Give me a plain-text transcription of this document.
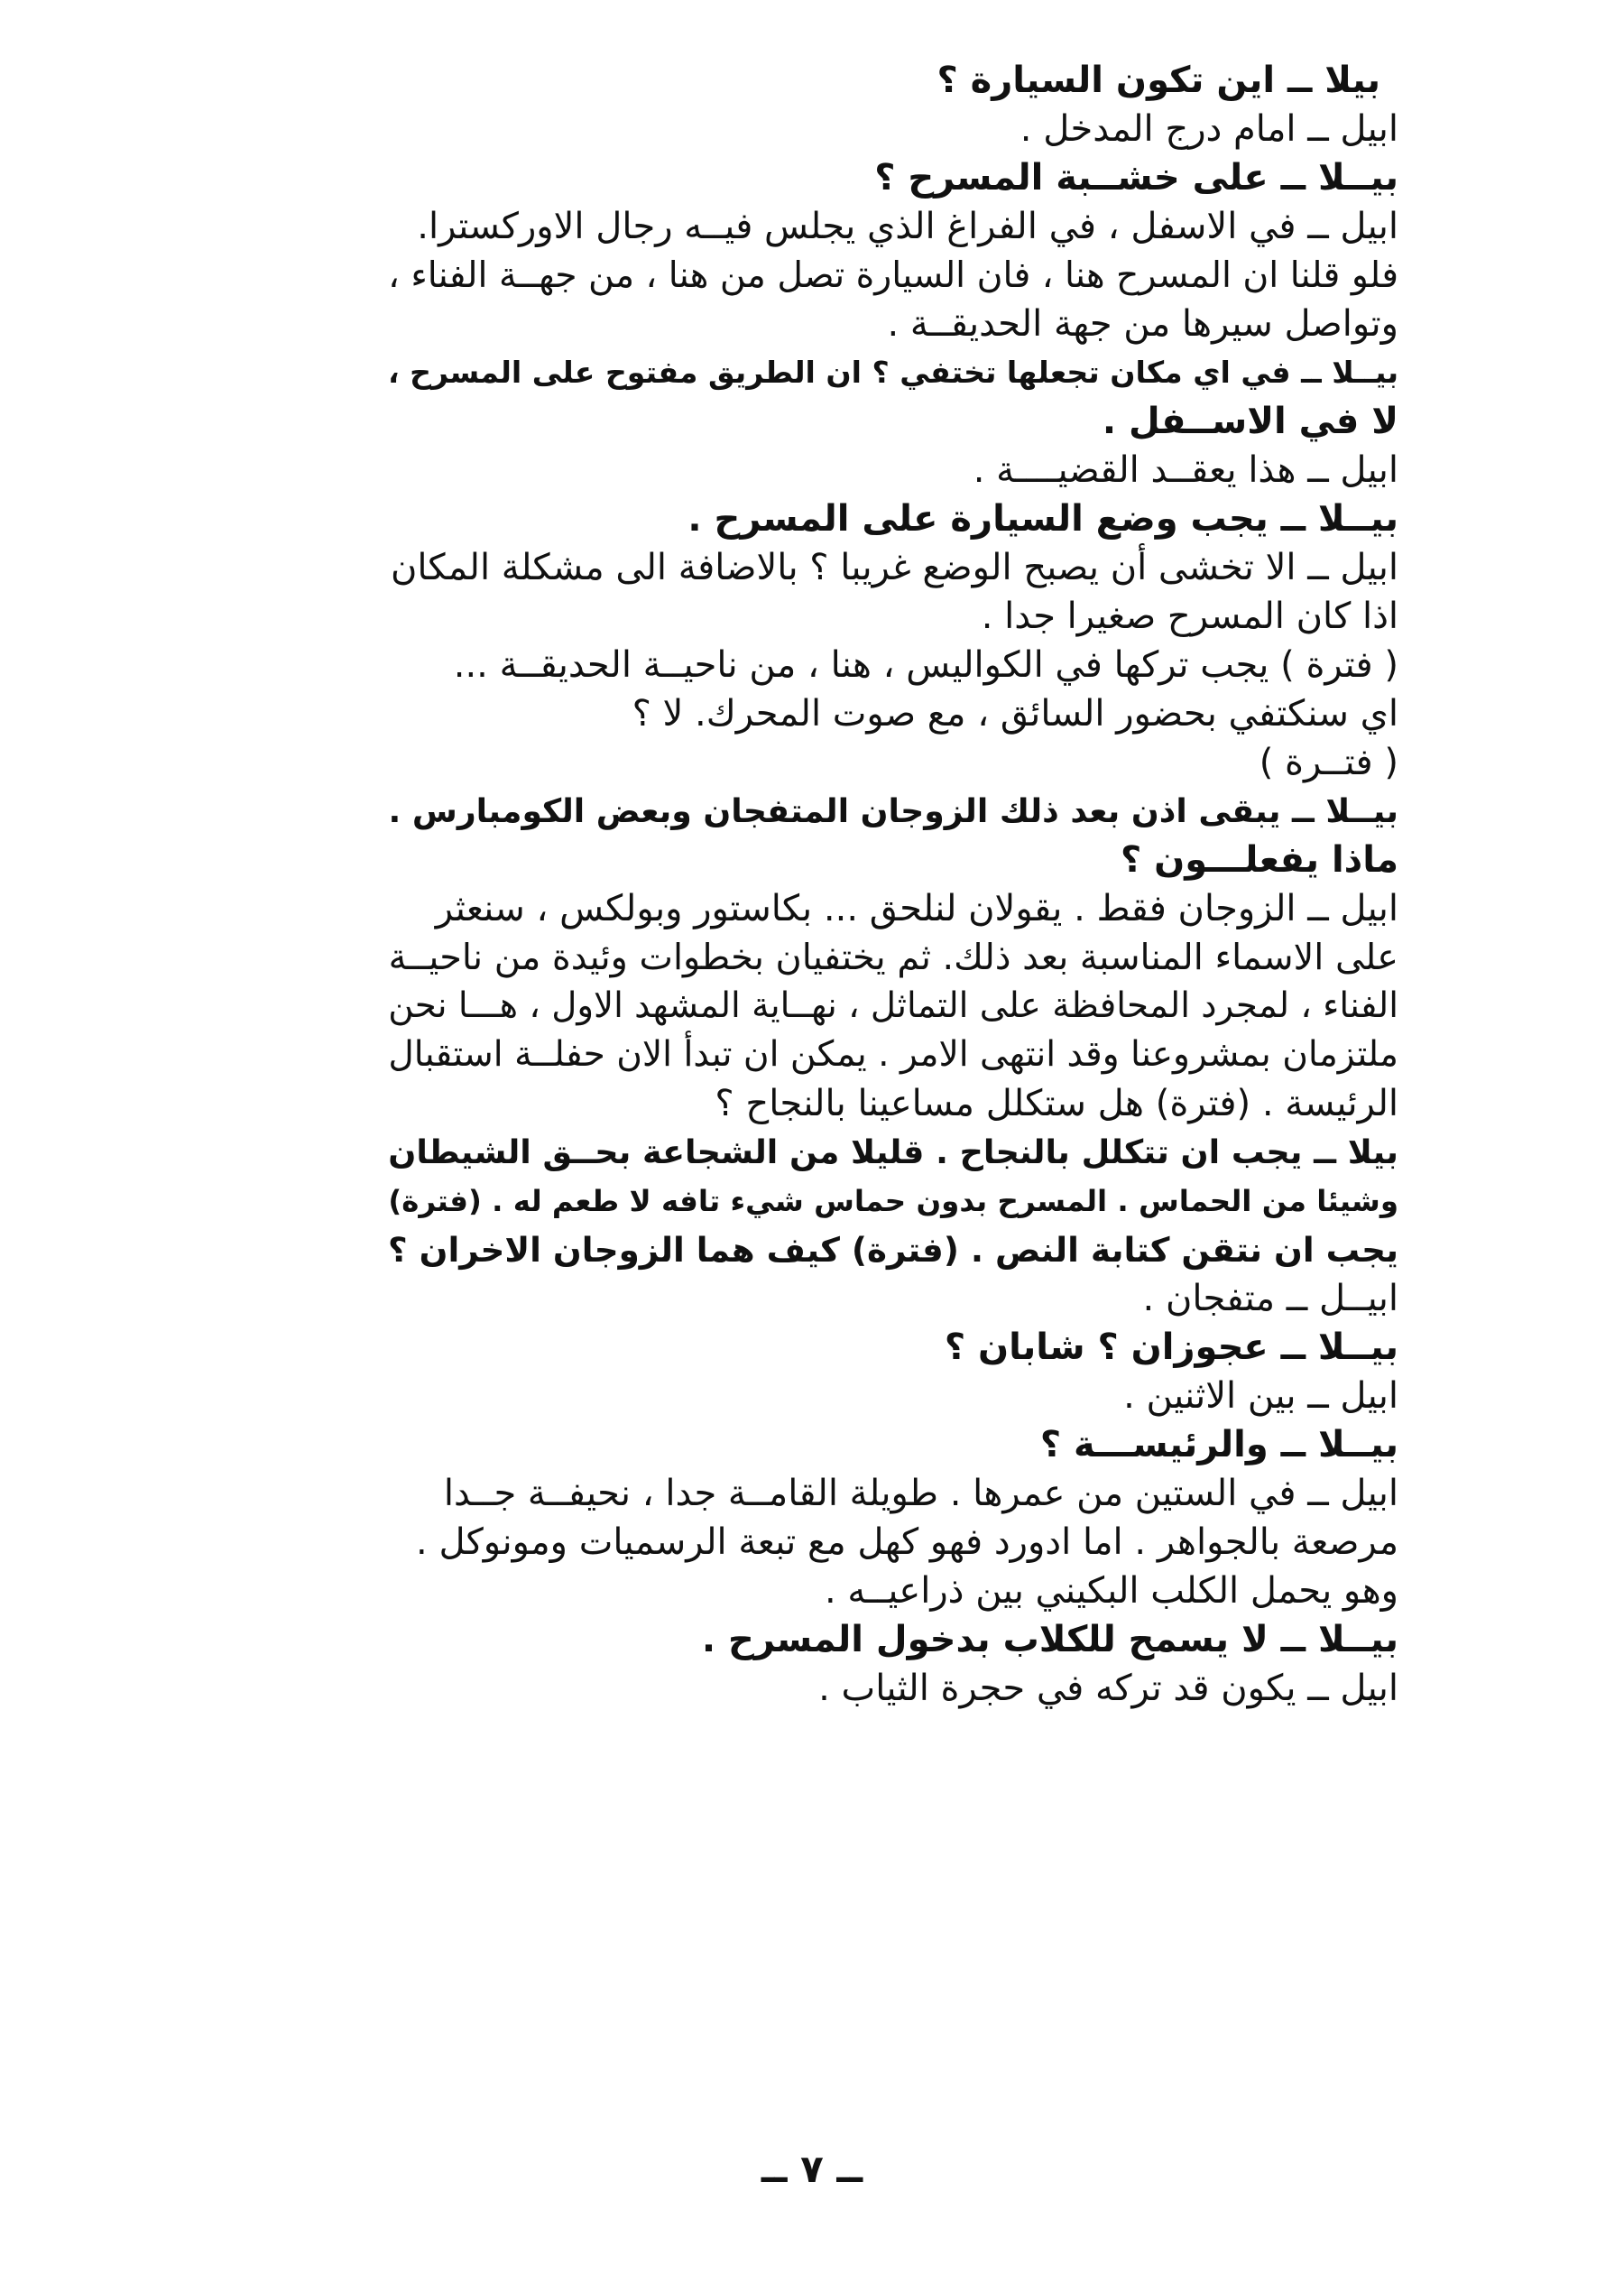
بيلا ــ اين تكون السيارة ؟
ابيل ــ امام درج المدخل .
بيــلا ــ على خشــبة المسرح ؟
ابيل ــ في الاسفل ، في الفراغ الذي يجلس فيــه رجال الاوركسترا.
فلو قلنا ان المسرح هنا ، فان السيارة تصل من هنا ، من جهــة الفناء ،
وتواصل سيرها من جهة الحديقــة .
بيــلا ــ في اي مكان تجعلها تختفي ؟ ان الطريق مفتوح على المسرح ،
لا في الاســفل .
ابيل ــ هذا يعقــد القضيــــة .
بيــلا ــ يجب وضع السيارة على المسرح .
ابيل ــ الا تخشى أن يصبح الوضع غريبا ؟ بالاضافة الى مشكلة المكان
اذا كان المسرح صغيرا جدا .
( فترة ) يجب تركها في الكواليس ، هنا ، من ناحيــة الحديقــة ...
اي سنكتفي بحضور السائق ، مع صوت المحرك. لا ؟
( فتــرة )
بيــلا ــ يبقى اذن بعد ذلك الزوجان المتفجان وبعض الكومبارس .
ماذا يفعلـــون ؟
ابيل ــ الزوجان فقط . يقولان لنلحق ... بكاستور وبولكس ، سنعثر
على الاسماء المناسبة بعد ذلك. ثم يختفيان بخطوات وئيدة من ناحيــة
الفناء ، لمجرد المحافظة على التماثل ، نهــاية المشهد الاول ، هـــا نحن
ملتزمان بمشروعنا وقد انتهى الامر . يمكن ان تبدأ الان حفلــة استقبال
الرئيسة . (فترة) هل ستكلل مساعينا بالنجاح ؟
بيلا ــ يجب ان تتكلل بالنجاح . قليلا من الشجاعة بحــق الشيطان
وشيئا من الحماس . المسرح بدون حماس شيء تافه لا طعم له . (فترة)
يجب ان نتقن كتابة النص . (فترة) كيف هما الزوجان الاخران ؟
ابيــل ــ متفجان .
بيــلا ــ عجوزان ؟ شابان ؟
ابيل ــ بين الاثنين .
بيــلا ــ والرئيســـة ؟
ابيل ــ في الستين من عمرها . طويلة القامــة جدا ، نحيفــة جــدا
مرصعة بالجواهر . اما ادورد فهو كهل مع تبعة الرسميات ومونوكل .
وهو يحمل الكلب البكيني بين ذراعيــه .
بيــلا ــ لا يسمح للكلاب بدخول المسرح .
ابيل ــ يكون قد تركه في حجرة الثياب .
ــ ٧ ــ
